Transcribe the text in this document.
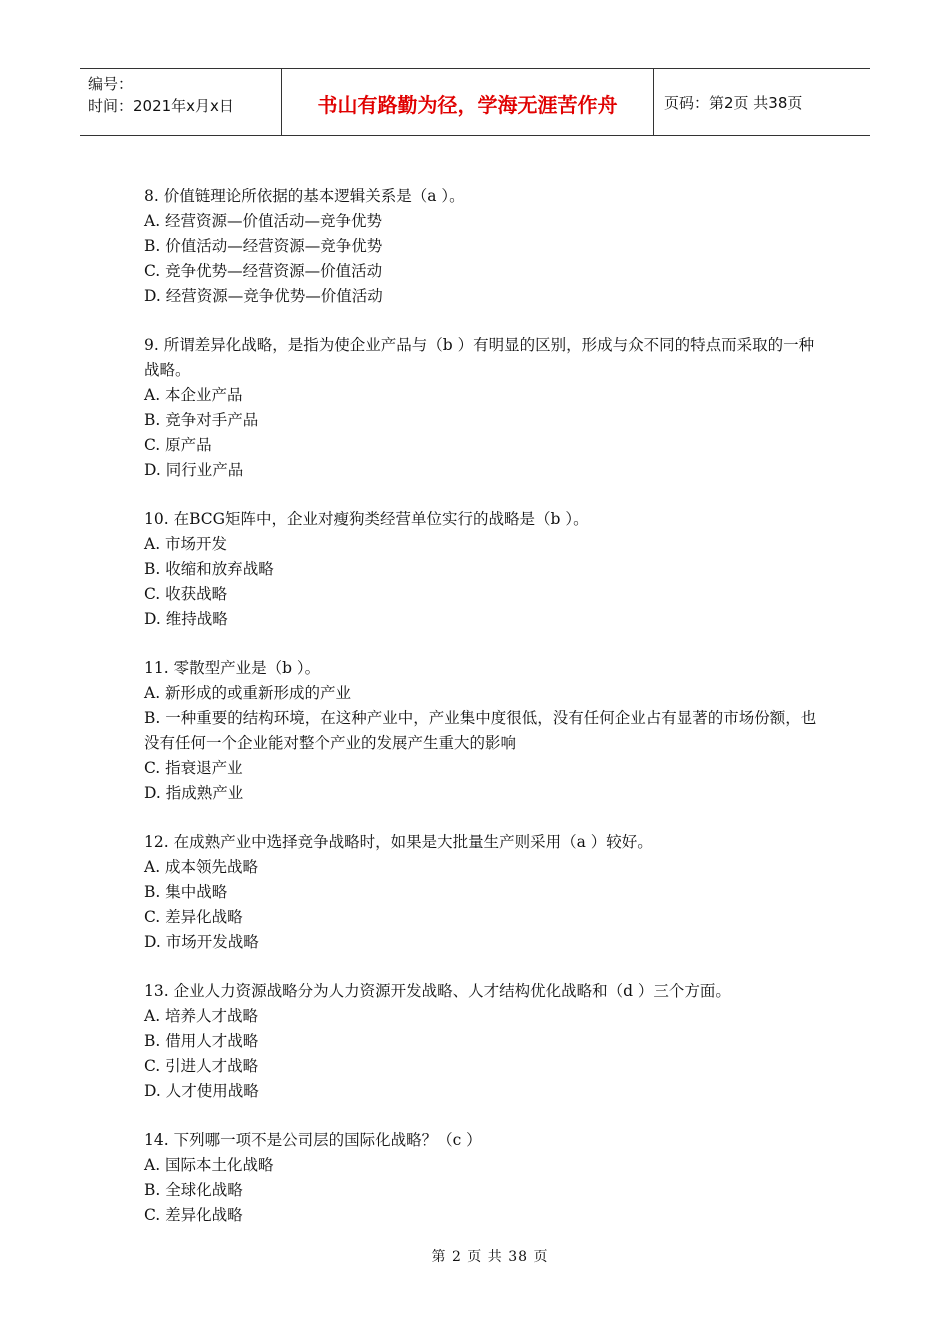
编号：
时间：2021年x月x日	书山有路勤为径，学海无涯苦作舟	页码：第2页 共38页

8. 价值链理论所依据的基本逻辑关系是（a ）。

A. 经营资源—价值活动—竞争优势

B. 价值活动—经营资源—竞争优势

C. 竞争优势—经营资源—价值活动

D. 经营资源—竞争优势—价值活动

9. 所谓差异化战略，是指为使企业产品与（b ）有明显的区别，形成与众不同的特点而采取的一种战略。

A. 本企业产品

B. 竞争对手产品

C. 原产品

D. 同行业产品

10. 在BCG矩阵中，企业对瘦狗类经营单位实行的战略是（b ）。

A. 市场开发

B. 收缩和放弃战略

C. 收获战略

D. 维持战略

11. 零散型产业是（b ）。

A. 新形成的或重新形成的产业

B. 一种重要的结构环境，在这种产业中，产业集中度很低，没有任何企业占有显著的市场份额，也没有任何一个企业能对整个产业的发展产生重大的影响

C. 指衰退产业

D. 指成熟产业

12. 在成熟产业中选择竞争战略时，如果是大批量生产则采用（a ）较好。

A. 成本领先战略

B. 集中战略

C. 差异化战略

D. 市场开发战略

13. 企业人力资源战略分为人力资源开发战略、人才结构优化战略和（d ）三个方面。

A. 培养人才战略

B. 借用人才战略

C. 引进人才战略

D. 人才使用战略

14. 下列哪一项不是公司层的国际化战略？（c ）

A. 国际本土化战略

B. 全球化战略

C. 差异化战略

第 2 页 共 38 页
